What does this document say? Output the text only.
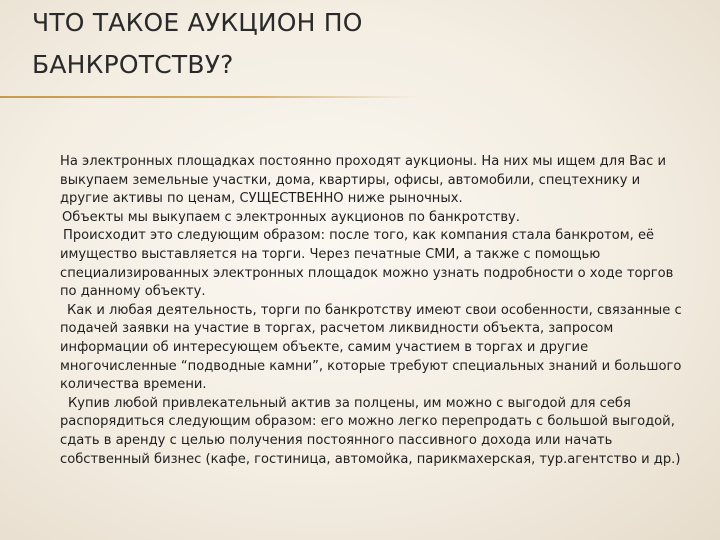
ЧТО ТАКОЕ АУКЦИОН ПО
БАНКРОТСТВУ?

На электронных площадках постоянно проходят аукционы. На них мы ищем для Вас и выкупаем земельные участки, дома, квартиры, офисы, автомобили, спецтехнику и другие активы по ценам, СУЩЕСТВЕННО ниже рыночных.

Объекты мы выкупаем с электронных аукционов по банкротству.

Происходит это следующим образом: после того, как компания стала банкротом, её имущество выставляется на торги. Через печатные СМИ, а также с помощью специализированных электронных площадок можно узнать подробности о ходе торгов по данному объекту.

Как и любая деятельность, торги по банкротству имеют свои особенности, связанные с подачей заявки на участие в торгах, расчетом ликвидности объекта, запросом информации об интересующем объекте, самим участием в торгах и другие многочисленные “подводные камни”, которые требуют специальных знаний и большого количества времени.

Купив любой привлекательный актив за полцены, им можно с выгодой для себя распорядиться следующим образом: его можно легко перепродать с большой выгодой, сдать в аренду с целью получения постоянного пассивного дохода или начать собственный бизнес (кафе, гостиница, автомойка, парикмахерская, тур.агентство и др.)
